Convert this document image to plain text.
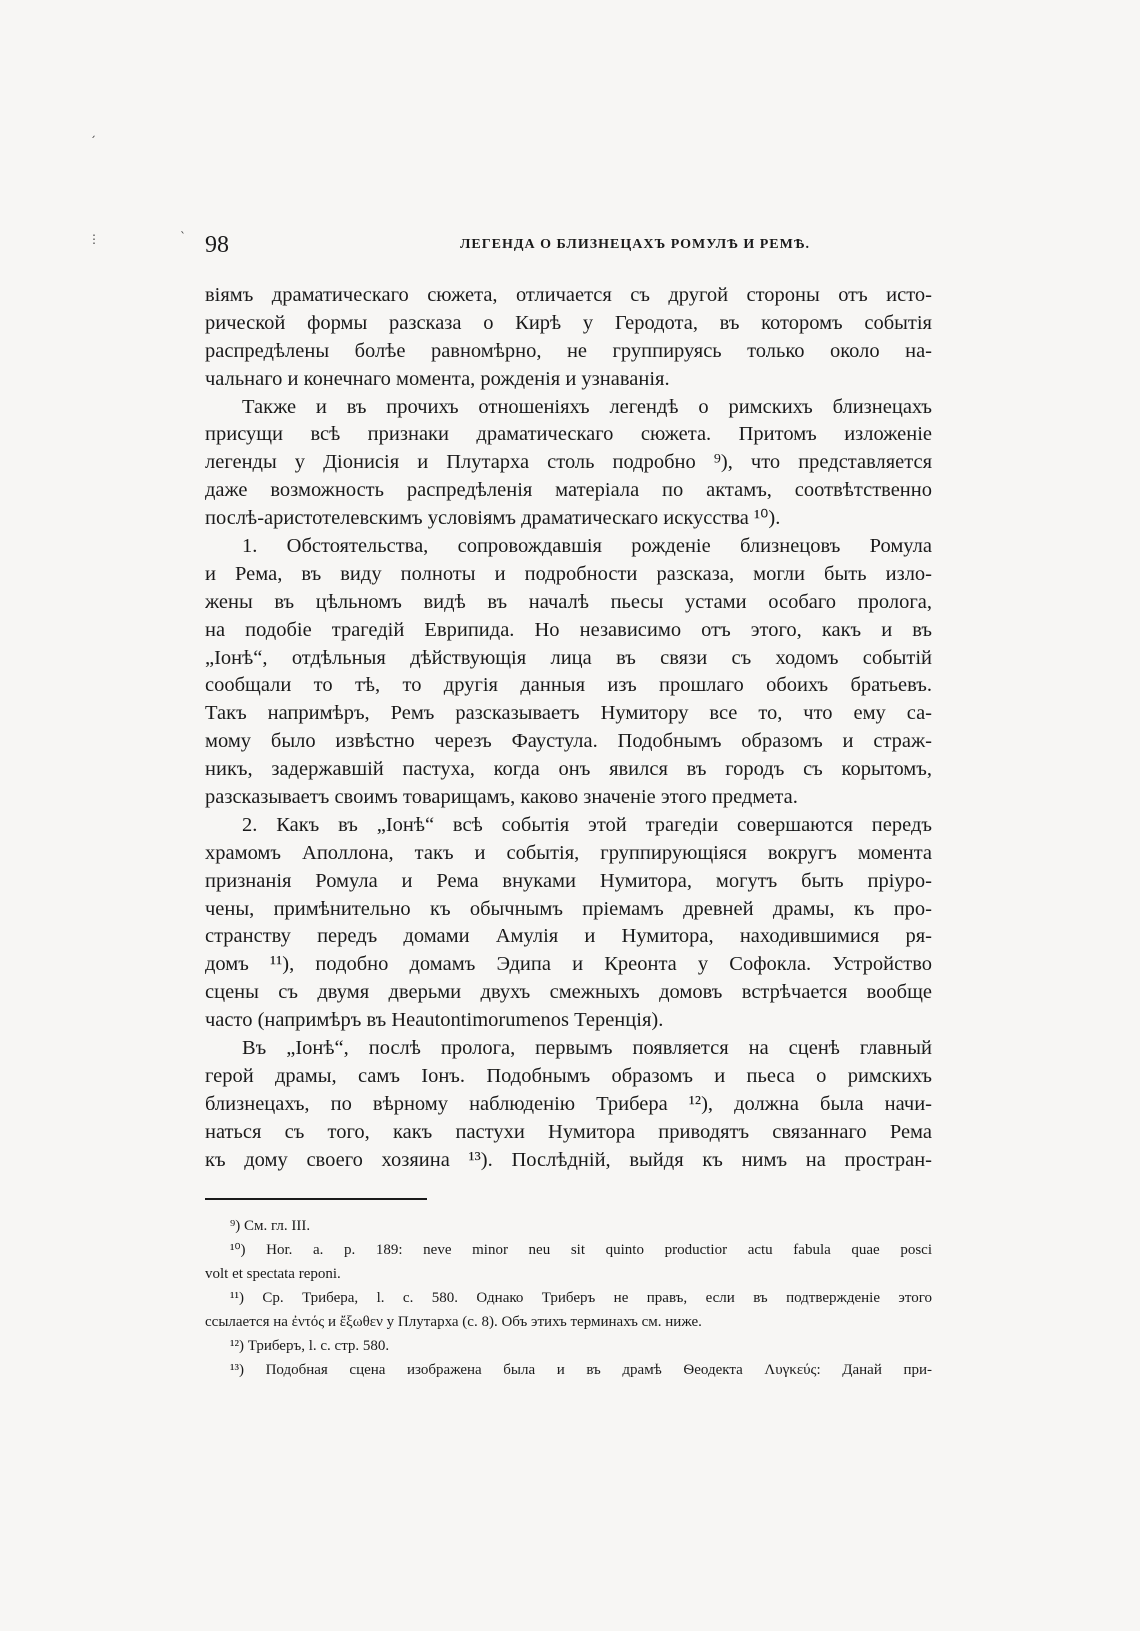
ˏ
⋮	ˋ 98	ЛЕГЕНДА О БЛИЗНЕЦАХЪ РОМУЛѢ И РЕМѢ.
віямъ драматическаго сюжета, отличается съ другой стороны отъ исто-
рической формы разсказа о Кирѣ у Геродота, въ которомъ событія
распредѣлены болѣе равномѣрно, не группируясь только около на-
чальнаго и конечнаго момента, рожденія и узнаванія.
Также и въ прочихъ отношеніяхъ легендѣ о римскихъ близнецахъ
присущи всѣ признаки драматическаго сюжета. Притомъ изложеніе
легенды у Діонисія и Плутарха столь подробно ⁹), что представляется
даже возможность распредѣленія матеріала по актамъ, соотвѣтственно
послѣ-аристотелевскимъ условіямъ драматическаго искусства ¹⁰).
1. Обстоятельства, сопровождавшія рожденіе близнецовъ Ромула
и Рема, въ виду полноты и подробности разсказа, могли быть изло-
жены въ цѣльномъ видѣ въ началѣ пьесы устами особаго пролога,
на подобіе трагедій Еврипида. Но независимо отъ этого, какъ и въ
„Іонѣ“, отдѣльныя дѣйствующія лица въ связи съ ходомъ событій
сообщали то тѣ, то другія данныя изъ прошлаго обоихъ братьевъ.
Такъ напримѣръ, Ремъ разсказываетъ Нумитору все то, что ему са-
мому было извѣстно черезъ Фаустула. Подобнымъ образомъ и страж-
никъ, задержавшій пастуха, когда онъ явился въ городъ съ корытомъ,
разсказываетъ своимъ товарищамъ, каково значеніе этого предмета.
2. Какъ въ „Іонѣ“ всѣ событія этой трагедіи совершаются передъ
храмомъ Аполлона, такъ и событія, группирующіяся вокругъ момента
признанія Ромула и Рема внуками Нумитора, могутъ быть пріуро-
чены, примѣнительно къ обычнымъ пріемамъ древней драмы, къ про-
странству передъ домами Амулія и Нумитора, находившимися ря-
домъ ¹¹), подобно домамъ Эдипа и Креонта у Софокла. Устройство
сцены съ двумя дверьми двухъ смежныхъ домовъ встрѣчается вообще
часто (напримѣръ въ Heautontimorumenos Теренція).
Въ „Іонѣ“, послѣ пролога, первымъ появляется на сценѣ главный
герой драмы, самъ Іонъ. Подобнымъ образомъ и пьеса о римскихъ
близнецахъ, по вѣрному наблюденію Трибера ¹²), должна была начи-
наться съ того, какъ пастухи Нумитора приводятъ связаннаго Рема
къ дому своего хозяина ¹³). Послѣдній, выйдя къ нимъ на простран-
⁹) См. гл. III.
¹⁰) Hor. a. p. 189: neve minor neu sit quinto productior actu fabula quae posci
volt et spectata reponi.
¹¹) Ср. Трибера, l. c. 580. Однако Триберъ не правъ, если въ подтвержденіе этого
ссылается на ἐντός и ἔξωθεν у Плутарха (c. 8). Объ этихъ терминахъ см. ниже.
¹²) Триберъ, l. c. стр. 580.
¹³) Подобная сцена изображена была и въ драмѣ Ѳеодекта Λυγκεύς: Данай при-
